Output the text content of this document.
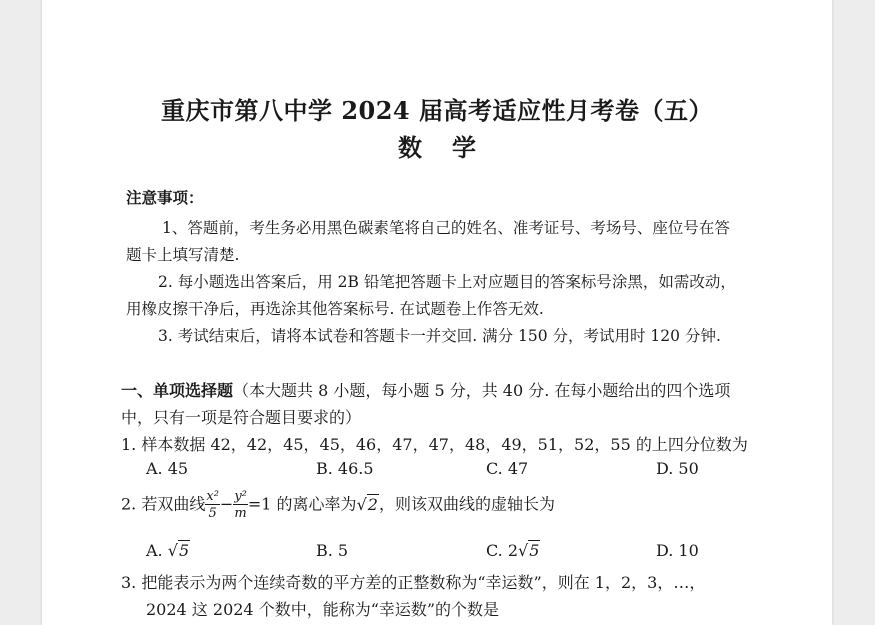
重庆市第八中学 2024 届高考适应性月考卷（五）
数学
注意事项：
1、答题前，考生务必用黑色碳素笔将自己的姓名、准考证号、考场号、座位号在答
题卡上填写清楚.
2. 每小题选出答案后，用 2B 铅笔把答题卡上对应题目的答案标号涂黑，如需改动，
用橡皮擦干净后，再选涂其他答案标号. 在试题卷上作答无效.
3. 考试结束后，请将本试卷和答题卡一并交回. 满分 150 分，考试用时 120 分钟.
一、单项选择题（本大题共 8 小题，每小题 5 分，共 40 分. 在每小题给出的四个选项
中，只有一项是符合题目要求的）
1. 样本数据 42，42，45，45，46，47，47，48，49，51，52，55 的上四分位数为
A. 45	B. 46.5	C. 47	D. 50
2. 若双曲线 $\frac{\text{x²}}{5} - \frac{\text{y²}}{m} =1$ 的离心率为√2，则该双曲线的虚轴长为
A. √5	B. 5	C. 2√5	D. 10
3. 把能表示为两个连续奇数的平方差的正整数称为“幸运数”，则在 1，2，3，…，
2024 这 2024 个数中，能称为“幸运数”的个数是
